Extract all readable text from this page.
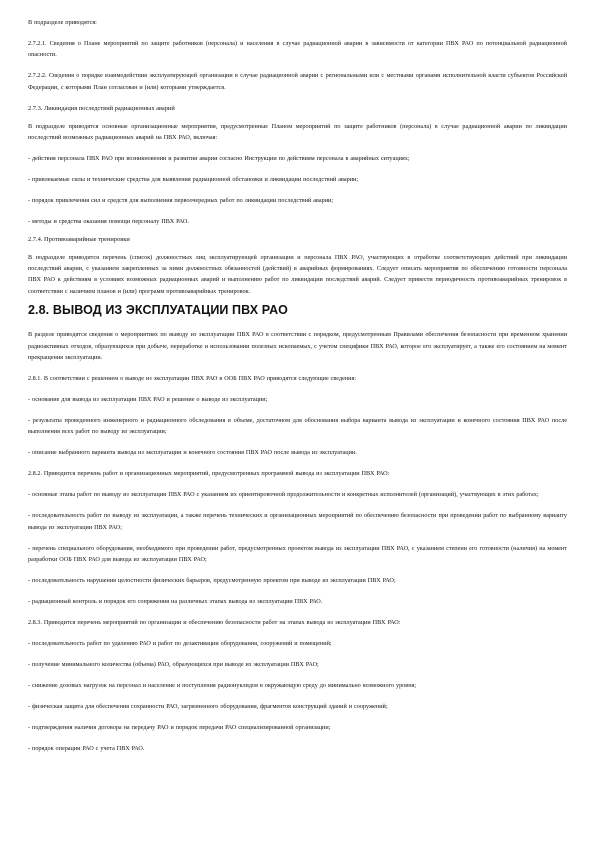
В подразделе приводятся:

2.7.2.1. Сведения о Плане мероприятий по защите работников (персонала) и населения в случае радиационной аварии в зависимости от категории ПВХ РАО по потенциальной радиационной опасности.

2.7.2.2. Сведения о порядке взаимодействия эксплуатирующей организации в случае радиационной аварии с региональными или с местными органами исполнительной власти субъектов Российской Федерации, с которыми План согласован и (или) которыми утверждается.

2.7.3. Ликвидация последствий радиационных аварий

В подразделе приводятся основные организационные мероприятия, предусмотренные Планом мероприятий по защите работников (персонала) в случае радиационной аварии по ликвидации последствий возможных радиационных аварий на ПВХ РАО, включая:

- действия персонала ПВХ РАО при возникновении и развитии аварии согласно Инструкции по действиям персонала в аварийных ситуациях;

- привлекаемые силы и технические средства для выявления радиационной обстановки и ликвидации последствий аварии;

- порядок привлечения сил и средств для выполнения первоочередных работ по ликвидации последствий аварии;

- методы и средства оказания помощи персоналу ПВХ РАО.

2.7.4. Противоаварийные тренировки

В подразделе приводится перечень (список) должностных лиц эксплуатирующей организации и персонала ПВХ РАО, участвующих в отработке соответствующих действий при ликвидации последствий аварии, с указанием закрепленных за ними должностных обязанностей (действий) в аварийных формированиях. Следует описать мероприятия по обеспечению готовности персонала ПВХ РАО к действиям в условиях возможных радиационных аварий и выполнению работ по ликвидации последствий аварий. Следует привести периодичность противоаварийных тренировок в соответствии с наличием планов и (или) программ противоаварийных тренировок.

2.8. ВЫВОД ИЗ ЭКСПЛУАТАЦИИ ПВХ РАО

В разделе приводятся сведения о мероприятиях по выводу из эксплуатации ПВХ РАО в соответствии с порядком, предусмотренным Правилами обеспечения безопасности при временном хранении радиоактивных отходов, образующихся при добыче, переработке и использовании полезных ископаемых, с учетом специфики ПВХ РАО, которое его эксплуатирует, а также его состоянием на момент прекращения эксплуатации.

2.8.1. В соответствии с решением о выводе из эксплуатации ПВХ РАО в ООБ ПВХ РАО приводятся следующие сведения:

- основание для вывода из эксплуатации ПВХ РАО и решение о выводе из эксплуатации;

- результаты проведенного инженерного и радиационного обследования в объеме, достаточном для обоснования выбора варианта вывода из эксплуатации и конечного состояния ПВХ РАО после выполнения всех работ по выводу из эксплуатации;

- описание выбранного варианта вывода из эксплуатации и конечного состояния ПВХ РАО после вывода из эксплуатации.

2.8.2. Приводится перечень работ и организационных мероприятий, предусмотренных программой вывода из эксплуатации ПВХ РАО:

- основные этапы работ по выводу из эксплуатации ПВХ РАО с указанием их ориентировочной продолжительности и конкретных исполнителей (организаций), участвующих в этих работах;

- последовательность работ по выводу из эксплуатации, а также перечень технических и организационных мероприятий по обеспечению безопасности при проведении работ по выбранному варианту вывода из эксплуатации ПВХ РАО;

- перечень специального оборудования, необходимого при проведении работ, предусмотренных проектом вывода из эксплуатации ПВХ РАО, с указанием степени его готовности (наличия) на момент разработки ООБ ПВХ РАО для вывода из эксплуатации ПВХ РАО;

- последовательность нарушения целостности физических барьеров, предусмотренную проектом при выводе из эксплуатации ПВХ РАО;

- радиационный контроль и порядок его сопряжения на различных этапах вывода из эксплуатации ПВХ РАО.

2.8.3. Приводится перечень мероприятий по организации и обеспечению безопасности работ на этапах вывода из эксплуатации ПВХ РАО:

- последовательность работ по удалению РАО и работ по дезактивации оборудования, сооружений и помещений;

- получение минимального количества (объема) РАО, образующихся при выводе из эксплуатации ПВХ РАО;

- снижение дозовых нагрузок на персонал и население и поступления радионуклидов в окружающую среду до минимально возможного уровня;

- физическая защита для обеспечения сохранности РАО, загрязненного оборудования, фрагментов конструкций зданий и сооружений;

- подтверждения наличия договора на передачу РАО и порядок передачи РАО специализированной организации;

- порядок операции РАО с учета ПВХ РАО.
